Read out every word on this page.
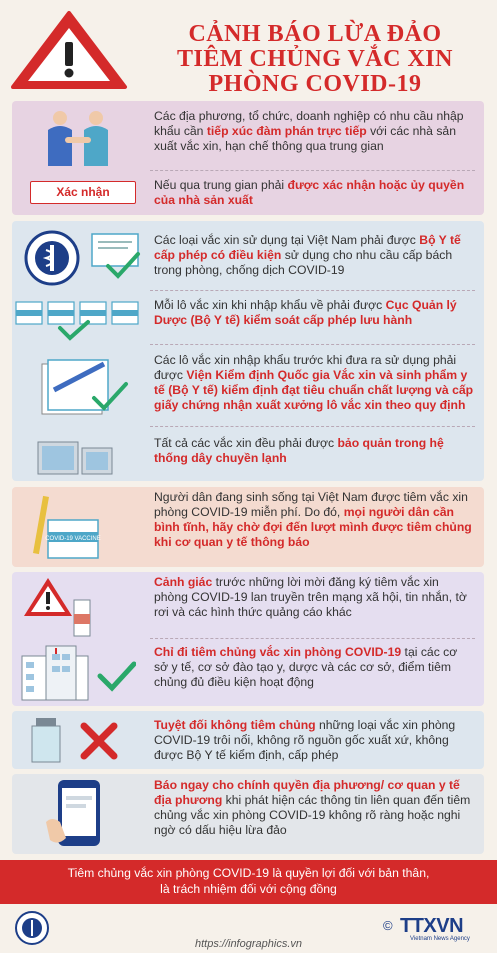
CẢNH BÁO LỪA ĐẢO
TIÊM CHỦNG VẮC XIN
PHÒNG COVID-19
Các địa phương, tổ chức, doanh nghiệp có nhu cầu nhập khẩu cần tiếp xúc đàm phán trực tiếp với các nhà sản xuất vắc xin, hạn chế thông qua trung gian
Xác nhận	Nếu qua trung gian phải được xác nhận hoặc ủy quyền của nhà sản xuất
Các loại vắc xin sử dụng tại Việt Nam phải được Bộ Y tế cấp phép có điều kiện sử dụng cho nhu cầu cấp bách trong phòng, chống dịch COVID-19
Mỗi lô vắc xin khi nhập khẩu về phải được Cục Quản lý Dược (Bộ Y tế) kiểm soát cấp phép lưu hành
Các lô vắc xin nhập khẩu trước khi đưa ra sử dụng phải được Viện Kiểm định Quốc gia Vắc xin và sinh phẩm y tế (Bộ Y tế) kiểm định đạt tiêu chuẩn chất lượng và cấp giấy chứng nhận xuất xưởng lô vắc xin theo quy định
Tất cả các vắc xin đều phải được bảo quản trong hệ thống dây chuyền lạnh
COVID-19 VACCINE
Người dân đang sinh sống tại Việt Nam được tiêm vắc xin phòng COVID-19 miễn phí. Do đó, mọi người dân cần bình tĩnh, hãy chờ đợi đến lượt mình được tiêm chủng khi cơ quan y tế thông báo
Cảnh giác trước những lời mời đăng ký tiêm vắc xin phòng COVID-19 lan truyền trên mạng xã hội, tin nhắn, tờ rơi và các hình thức quảng cáo khác
Chỉ đi tiêm chủng vắc xin phòng COVID-19 tại các cơ sở y tế, cơ sở đào tạo y, dược và các cơ sở, điểm tiêm chủng đủ điều kiện hoạt động
Tuyệt đối không tiêm chủng những loại vắc xin phòng COVID-19 trôi nổi, không rõ nguồn gốc xuất xứ, không được Bộ Y tế kiểm định, cấp phép
Báo ngay cho chính quyền địa phương/ cơ quan y tế địa phương khi phát hiện các thông tin liên quan đến tiêm chủng vắc xin phòng COVID-19 không rõ ràng hoặc nghi ngờ có dấu hiệu lừa đảo
Tiêm chủng vắc xin phòng COVID-19 là quyền lợi đối với bản thân,
là trách nhiệm đối với cộng đồng
© TTXVN
Vietnam News Agency
https://infographics.vn
